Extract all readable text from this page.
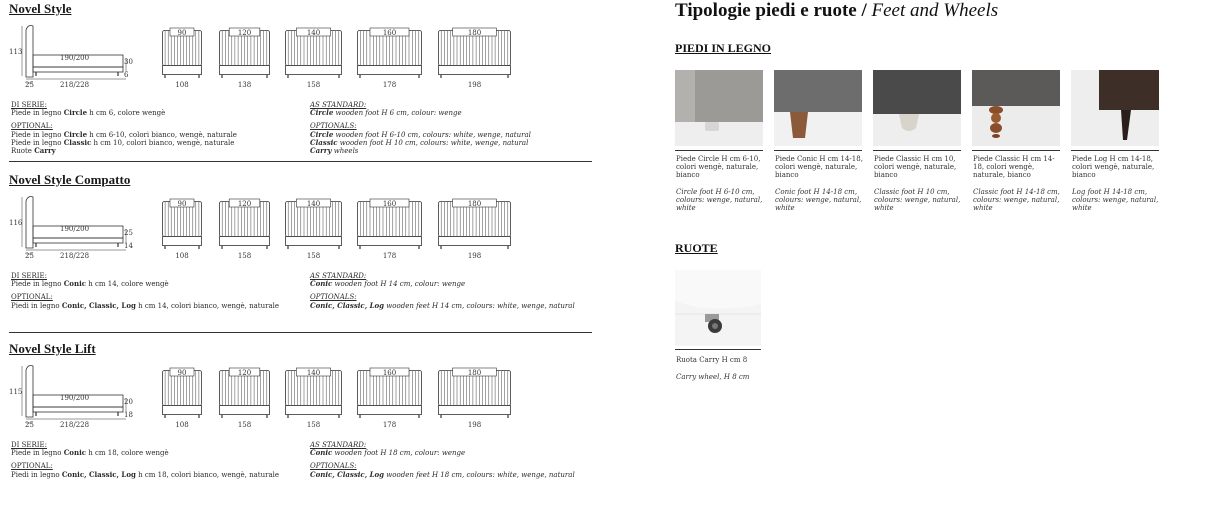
Novel Style
113
190/200	30
6
25	218/228
90
108
120
138
140
158
160
178
180
198
DI SERIE:
Piede in legno Circle h cm 6, colore wengè
OPTIONAL:
Piede in legno Circle h cm 6-10, colori bianco, wengè, naturale
Piede in legno Classic h cm 10, colori bianco, wengè, naturale
Ruote Carry
AS STANDARD:
Circle wooden foot H 6 cm, colour: wenge
OPTIONALS:
Circle wooden foot H 6-10 cm, colours: white, wenge, natural
Classic wooden foot H 10 cm, colours: white, wenge, natural
Carry wheels
Novel Style Compatto
116
190/200	25
14
25	218/228
90
108
120
158
140
158
160
178
180
198
DI SERIE:
Piede in legno Conic h cm 14, colore wengè
OPTIONAL:
Piedi in legno Conic, Classic, Log h cm 14, colori bianco, wengè, naturale
AS STANDARD:
Conic wooden foot H 14 cm, colour: wenge
OPTIONALS:
Conic, Classic, Log wooden feet H 14 cm, colours: white, wenge, natural
Novel Style Lift
115
190/200	20
18
25	218/228
90
108
120
158
140
158
160
178
180
198
DI SERIE:
Piede in legno Conic h cm 18, colore wengè
OPTIONAL:
Piedi in legno Conic, Classic, Log h cm 18, colori bianco, wengè, naturale
AS STANDARD:
Conic wooden foot H 18 cm, colour: wenge
OPTIONALS:
Conic, Classic, Log wooden feet H 18 cm, colours: white, wenge, natural
Tipologie piedi e ruote / Feet and Wheels
PIEDI IN LEGNO
Piede Circle H cm 6-10, colori wengè, naturale, bianco
Circle foot H 6-10 cm, colours: wenge, natural, white
Piede Conic H cm 14-18, colori wengè, naturale, bianco
Conic foot H 14-18 cm, colours: wenge, natural, white
Piede Classic H cm 10, colori wengè, naturale, bianco
Classic foot H 10 cm, colours: wenge, natural, white
Piede Classic H cm 14-18, colori wengè, naturale, bianco
Classic foot H 14-18 cm, colours: wenge, natural, white
Piede Log H cm 14-18, colori wengè, naturale, bianco
Log foot H 14-18 cm, colours: wenge, natural, white
RUOTE
Ruota Carry H cm 8
Carry wheel, H 8 cm
